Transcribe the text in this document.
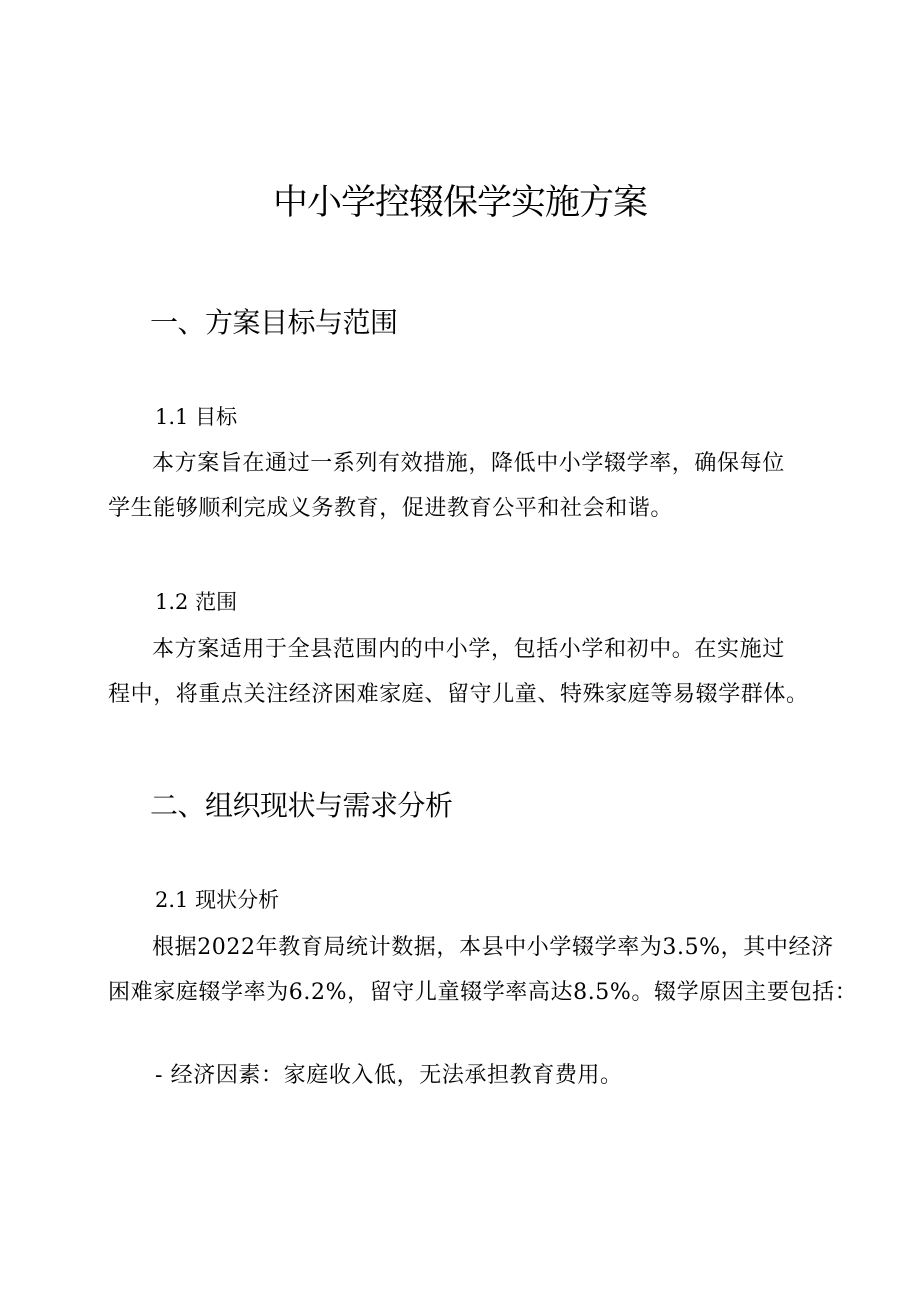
中小学控辍保学实施方案
一、方案目标与范围
1.1 目标
本方案旨在通过一系列有效措施，降低中小学辍学率，确保每位
学生能够顺利完成义务教育，促进教育公平和社会和谐。
1.2 范围
本方案适用于全县范围内的中小学，包括小学和初中。在实施过
程中，将重点关注经济困难家庭、留守儿童、特殊家庭等易辍学群体。
二、组织现状与需求分析
2.1 现状分析
根据2022年教育局统计数据，本县中小学辍学率为3.5%，其中经济
困难家庭辍学率为6.2%，留守儿童辍学率高达8.5%。辍学原因主要包括：
- 经济因素：家庭收入低，无法承担教育费用。
